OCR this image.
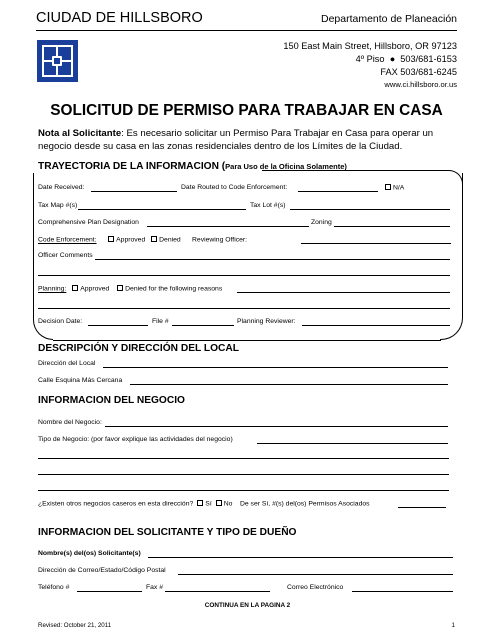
CIUDAD DE HILLSBORO	Departamento de Planeación
150 East Main Street, Hillsboro, OR 97123
4º Piso ● 503/681-6153
FAX 503/681-6245
www.ci.hillsboro.or.us
SOLICITUD DE PERMISO PARA TRABAJAR EN CASA
Nota al Solicitante: Es necesario solicitar un Permiso Para Trabajar en Casa para operar un negocio desde su casa en las zonas residenciales dentro de los Límites de la Ciudad.
TRAYECTORIA DE LA INFORMACION (Para Uso de la Oficina Solamente)
Date Received:	Date Routed to Code Enforcement:	N/A
Tax Map #(s)	Tax Lot #(s)
Comprehensive Plan Designation	Zoning
Code Enforcement:	Approved Denied Reviewing Officer:
Officer Comments
Planning: Approved Denied for the following reasons
Decision Date:	File #	Planning Reviewer:
DESCRIPCIÓN Y DIRECCIÓN DEL LOCAL
Dirección del Local
Calle Esquina Más Cercana
INFORMACION DEL NEGOCIO
Nombre del Negocio:
Tipo de Negocio: (por favor explique las actividades del negocio)
¿Existen otros negocios caseros en esta dirección? Sí No De ser Sí, #(s) del(os) Permisos Asociados
INFORMACION DEL SOLICITANTE Y TIPO DE DUEÑO
Nombre(s) del(os) Solicitante(s)
Dirección de Correo/Estado/Código Postal
Teléfono #	Fax #	Correo Electrónico
CONTINUA EN LA PAGINA 2
Revised: October 21, 2011	1
